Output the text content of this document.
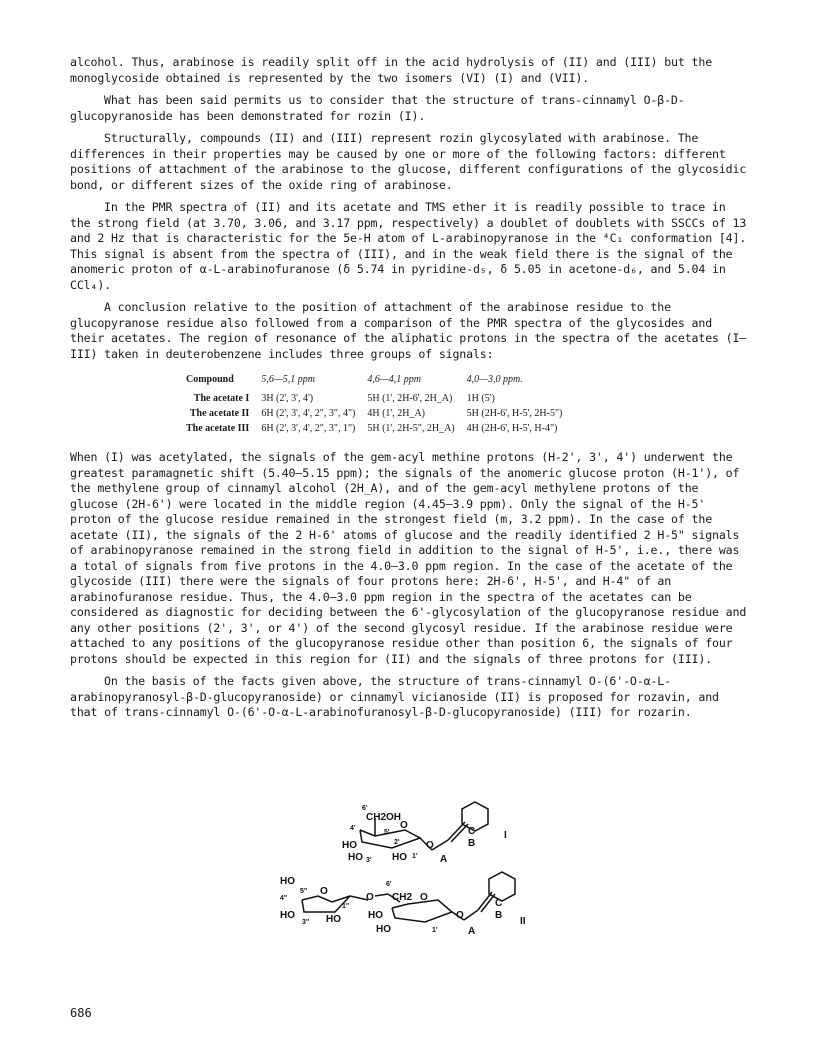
alcohol. Thus, arabinose is readily split off in the acid hydrolysis of (II) and (III) but the monoglycoside obtained is represented by the two isomers (VI) (I) and (VII).

What has been said permits us to consider that the structure of trans-cinnamyl O-β-D-glucopyranoside has been demonstrated for rozin (I).

Structurally, compounds (II) and (III) represent rozin glycosylated with arabinose. The differences in their properties may be caused by one or more of the following factors: different positions of attachment of the arabinose to the glucose, different configurations of the glycosidic bond, or different sizes of the oxide ring of arabinose.

In the PMR spectra of (II) and its acetate and TMS ether it is readily possible to trace in the strong field (at 3.70, 3.06, and 3.17 ppm, respectively) a doublet of doublets with SSCCs of 13 and 2 Hz that is characteristic for the 5e-H atom of L-arabinopyranose in the ⁴C₁ conformation [4]. This signal is absent from the spectra of (III), and in the weak field there is the signal of the anomeric proton of α-L-arabinofuranose (δ 5.74 in pyridine-d₅, δ 5.05 in acetone-d₆, and 5.04 in CCl₄).

A conclusion relative to the position of attachment of the arabinose residue to the glucopyranose residue also followed from a comparison of the PMR spectra of the glycosides and their acetates. The region of resonance of the aliphatic protons in the spectra of the acetates (I—III) taken in deuterobenzene includes three groups of signals:

Compound	5,6—5,1 ppm	4,6—4,1 ppm	4,0—3,0 ppm.
The acetate I	3H (2', 3', 4')	5H (1', 2H-6', 2H_A)	1H (5')
The acetate II	6H (2', 3', 4', 2", 3", 4")	4H (1', 2H_A)	5H (2H-6', H-5', 2H-5")
The acetate III	6H (2', 3', 4', 2", 3", 1")	5H (1', 2H-5", 2H_A)	4H (2H-6', H-5', H-4")

When (I) was acetylated, the signals of the gem-acyl methine protons (H-2', 3', 4') underwent the greatest paramagnetic shift (5.40—5.15 ppm); the signals of the anomeric glucose proton (H-1'), of the methylene group of cinnamyl alcohol (2H_A), and of the gem-acyl methylene protons of the glucose (2H-6') were located in the middle region (4.45—3.9 ppm). Only the signal of the H-5' proton of the glucose residue remained in the strongest field (m, 3.2 ppm). In the case of the acetate (II), the signals of the 2 H-6' atoms of glucose and the readily identified 2 H-5" signals of arabinopyranose remained in the strong field in addition to the signal of H-5', i.e., there was a total of signals from five protons in the 4.0—3.0 ppm region. In the case of the acetate of the glycoside (III) there were the signals of four protons here: 2H-6', H-5', and H-4" of an arabinofuranose residue. Thus, the 4.0—3.0 ppm region in the spectra of the acetates can be considered as diagnostic for deciding between the 6'-glycosylation of the glucopyranose residue and any other positions (2', 3', or 4') of the second glycosyl residue. If the arabinose residue were attached to any positions of the glucopyranose residue other than position 6, the signals of four protons should be expected in this region for (II) and the signals of three protons for (III).

On the basis of the facts given above, the structure of trans-cinnamyl O-(6'-O-α-L-arabinopyranosyl-β-D-glucopyranoside) or cinnamyl vicianoside (II) is proposed for rozavin, and that of trans-cinnamyl O-(6'-O-α-L-arabinofuranosyl-β-D-glucopyranoside) (III) for rozarin.

6'
CH2OH
4'
5'
O
HO
3'
2'
1'
HO	HO
O
C
B
A
I
HO
5"
4"
O
HO
3" HO
1"
O
6'
CH2 O
HO
HO	1'
O
C
B
A
II
686
